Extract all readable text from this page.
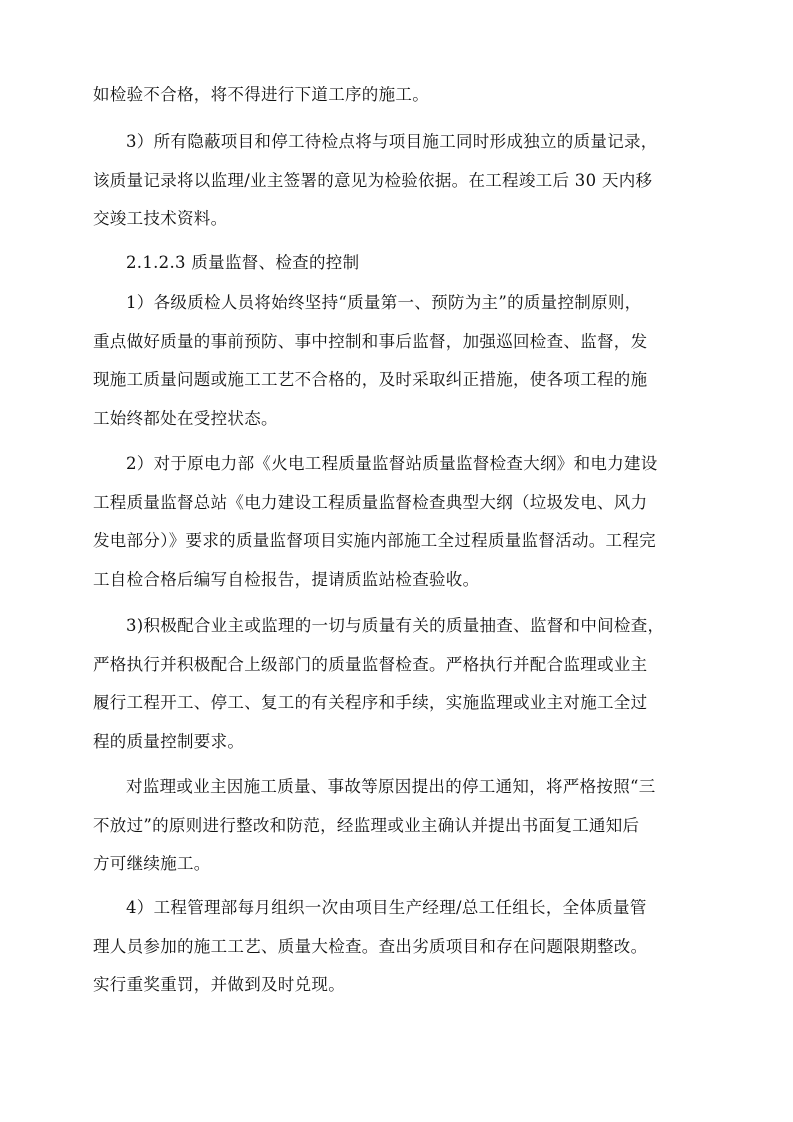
如检验不合格，将不得进行下道工序的施工。

3）所有隐蔽项目和停工待检点将与项目施工同时形成独立的质量记录，
该质量记录将以监理/业主签署的意见为检验依据。在工程竣工后 30 天内移
交竣工技术资料。

2.1.2.3 质量监督、检查的控制

1）各级质检人员将始终坚持“质量第一、预防为主”的质量控制原则，
重点做好质量的事前预防、事中控制和事后监督，加强巡回检查、监督，发
现施工质量问题或施工工艺不合格的，及时采取纠正措施，使各项工程的施
工始终都处在受控状态。

2）对于原电力部《火电工程质量监督站质量监督检查大纲》和电力建设
工程质量监督总站《电力建设工程质量监督检查典型大纲（垃圾发电、风力
发电部分）》要求的质量监督项目实施内部施工全过程质量监督活动。工程完
工自检合格后编写自检报告，提请质监站检查验收。

3)积极配合业主或监理的一切与质量有关的质量抽查、监督和中间检查，
严格执行并积极配合上级部门的质量监督检查。严格执行并配合监理或业主
履行工程开工、停工、复工的有关程序和手续，实施监理或业主对施工全过
程的质量控制要求。

对监理或业主因施工质量、事故等原因提出的停工通知，将严格按照“三
不放过”的原则进行整改和防范，经监理或业主确认并提出书面复工通知后
方可继续施工。

4）工程管理部每月组织一次由项目生产经理/总工任组长，全体质量管
理人员参加的施工工艺、质量大检查。查出劣质项目和存在问题限期整改。
实行重奖重罚，并做到及时兑现。
